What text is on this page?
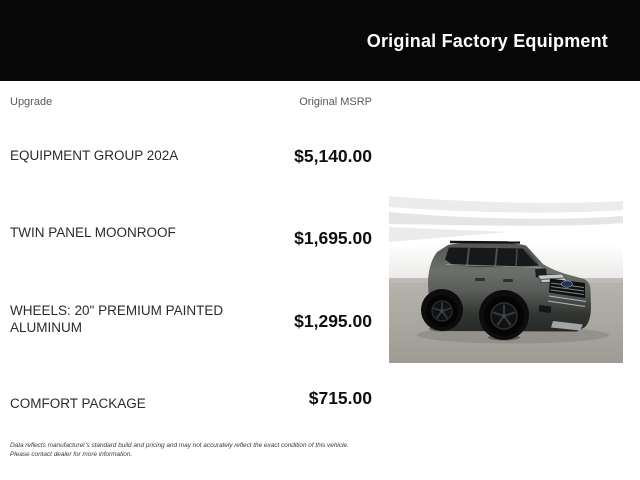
Original Factory Equipment
Upgrade	Original MSRP
EQUIPMENT GROUP 202A	$5,140.00
TWIN PANEL MOONROOF	$1,695.00
WHEELS: 20" PREMIUM PAINTED ALUMINUM	$1,295.00
COMFORT PACKAGE	$715.00
Data reflects manufacturer's standard build and pricing and may not accurately reflect the exact condition of this vehicle.
Please contact dealer for more information.
